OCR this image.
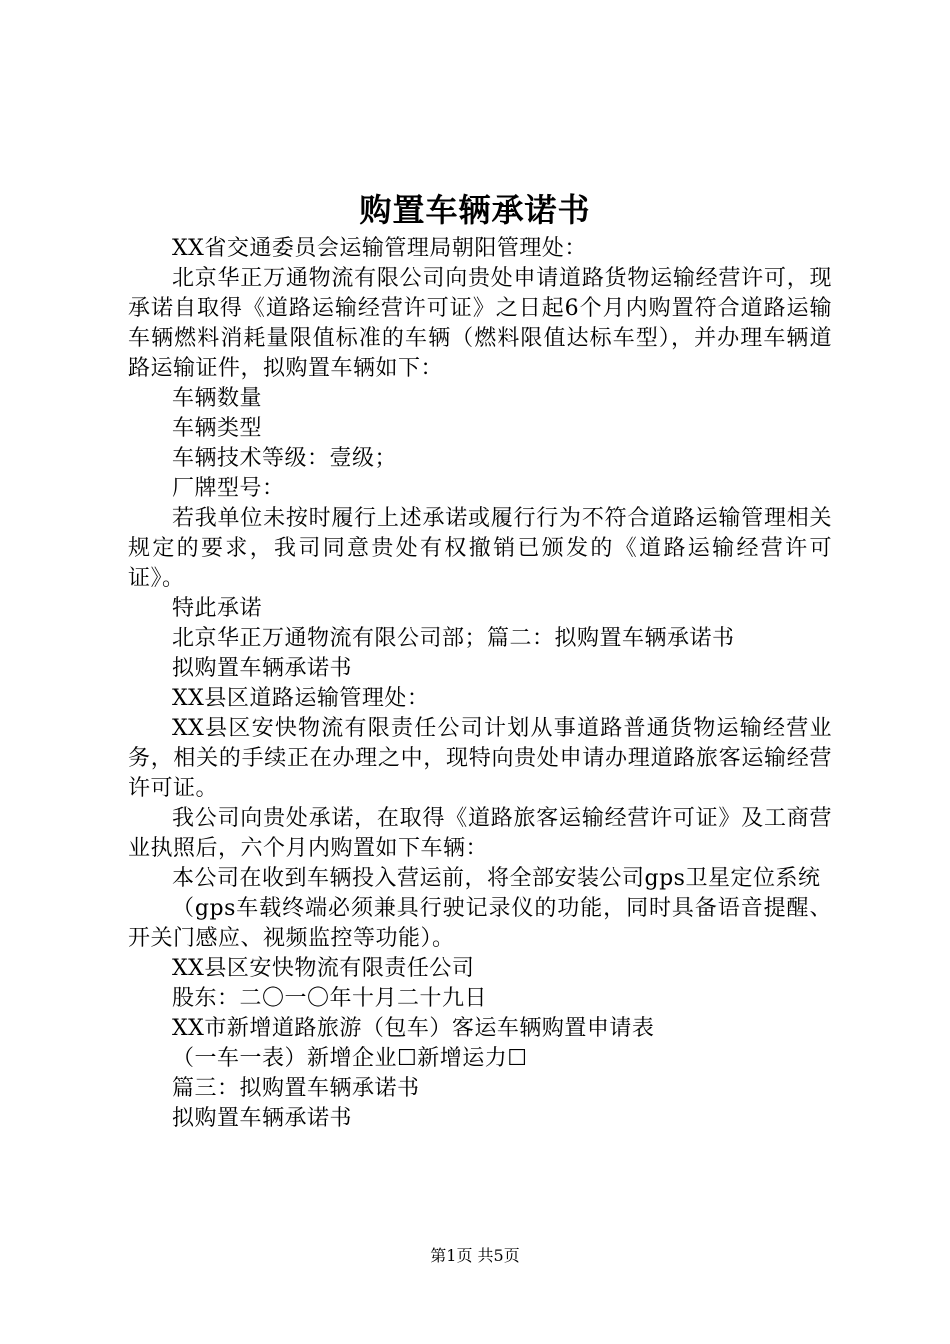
购置车辆承诺书

XX省交通委员会运输管理局朝阳管理处：

北京华正万通物流有限公司向贵处申请道路货物运输经营许可，现承诺自取得《道路运输经营许可证》之日起6个月内购置符合道路运输车辆燃料消耗量限值标准的车辆（燃料限值达标车型），并办理车辆道路运输证件，拟购置车辆如下：

车辆数量

车辆类型

车辆技术等级：壹级；

厂牌型号：

若我单位未按时履行上述承诺或履行行为不符合道路运输管理相关规定的要求，我司同意贵处有权撤销已颁发的《道路运输经营许可证》。

特此承诺

北京华正万通物流有限公司部；篇二：拟购置车辆承诺书

拟购置车辆承诺书

XX县区道路运输管理处：

XX县区安快物流有限责任公司计划从事道路普通货物运输经营业务，相关的手续正在办理之中，现特向贵处申请办理道路旅客运输经营许可证。

我公司向贵处承诺，在取得《道路旅客运输经营许可证》及工商营业执照后，六个月内购置如下车辆：

本公司在收到车辆投入营运前，将全部安装公司gps卫星定位系统

（gps车载终端必须兼具行驶记录仪的功能，同时具备语音提醒、开关门感应、视频监控等功能）。

XX县区安快物流有限责任公司

股东：二〇一〇年十月二十九日

XX市新增道路旅游（包车）客运车辆购置申请表

（一车一表）新增企业☐新增运力☐

篇三：拟购置车辆承诺书

拟购置车辆承诺书

第1页 共5页
